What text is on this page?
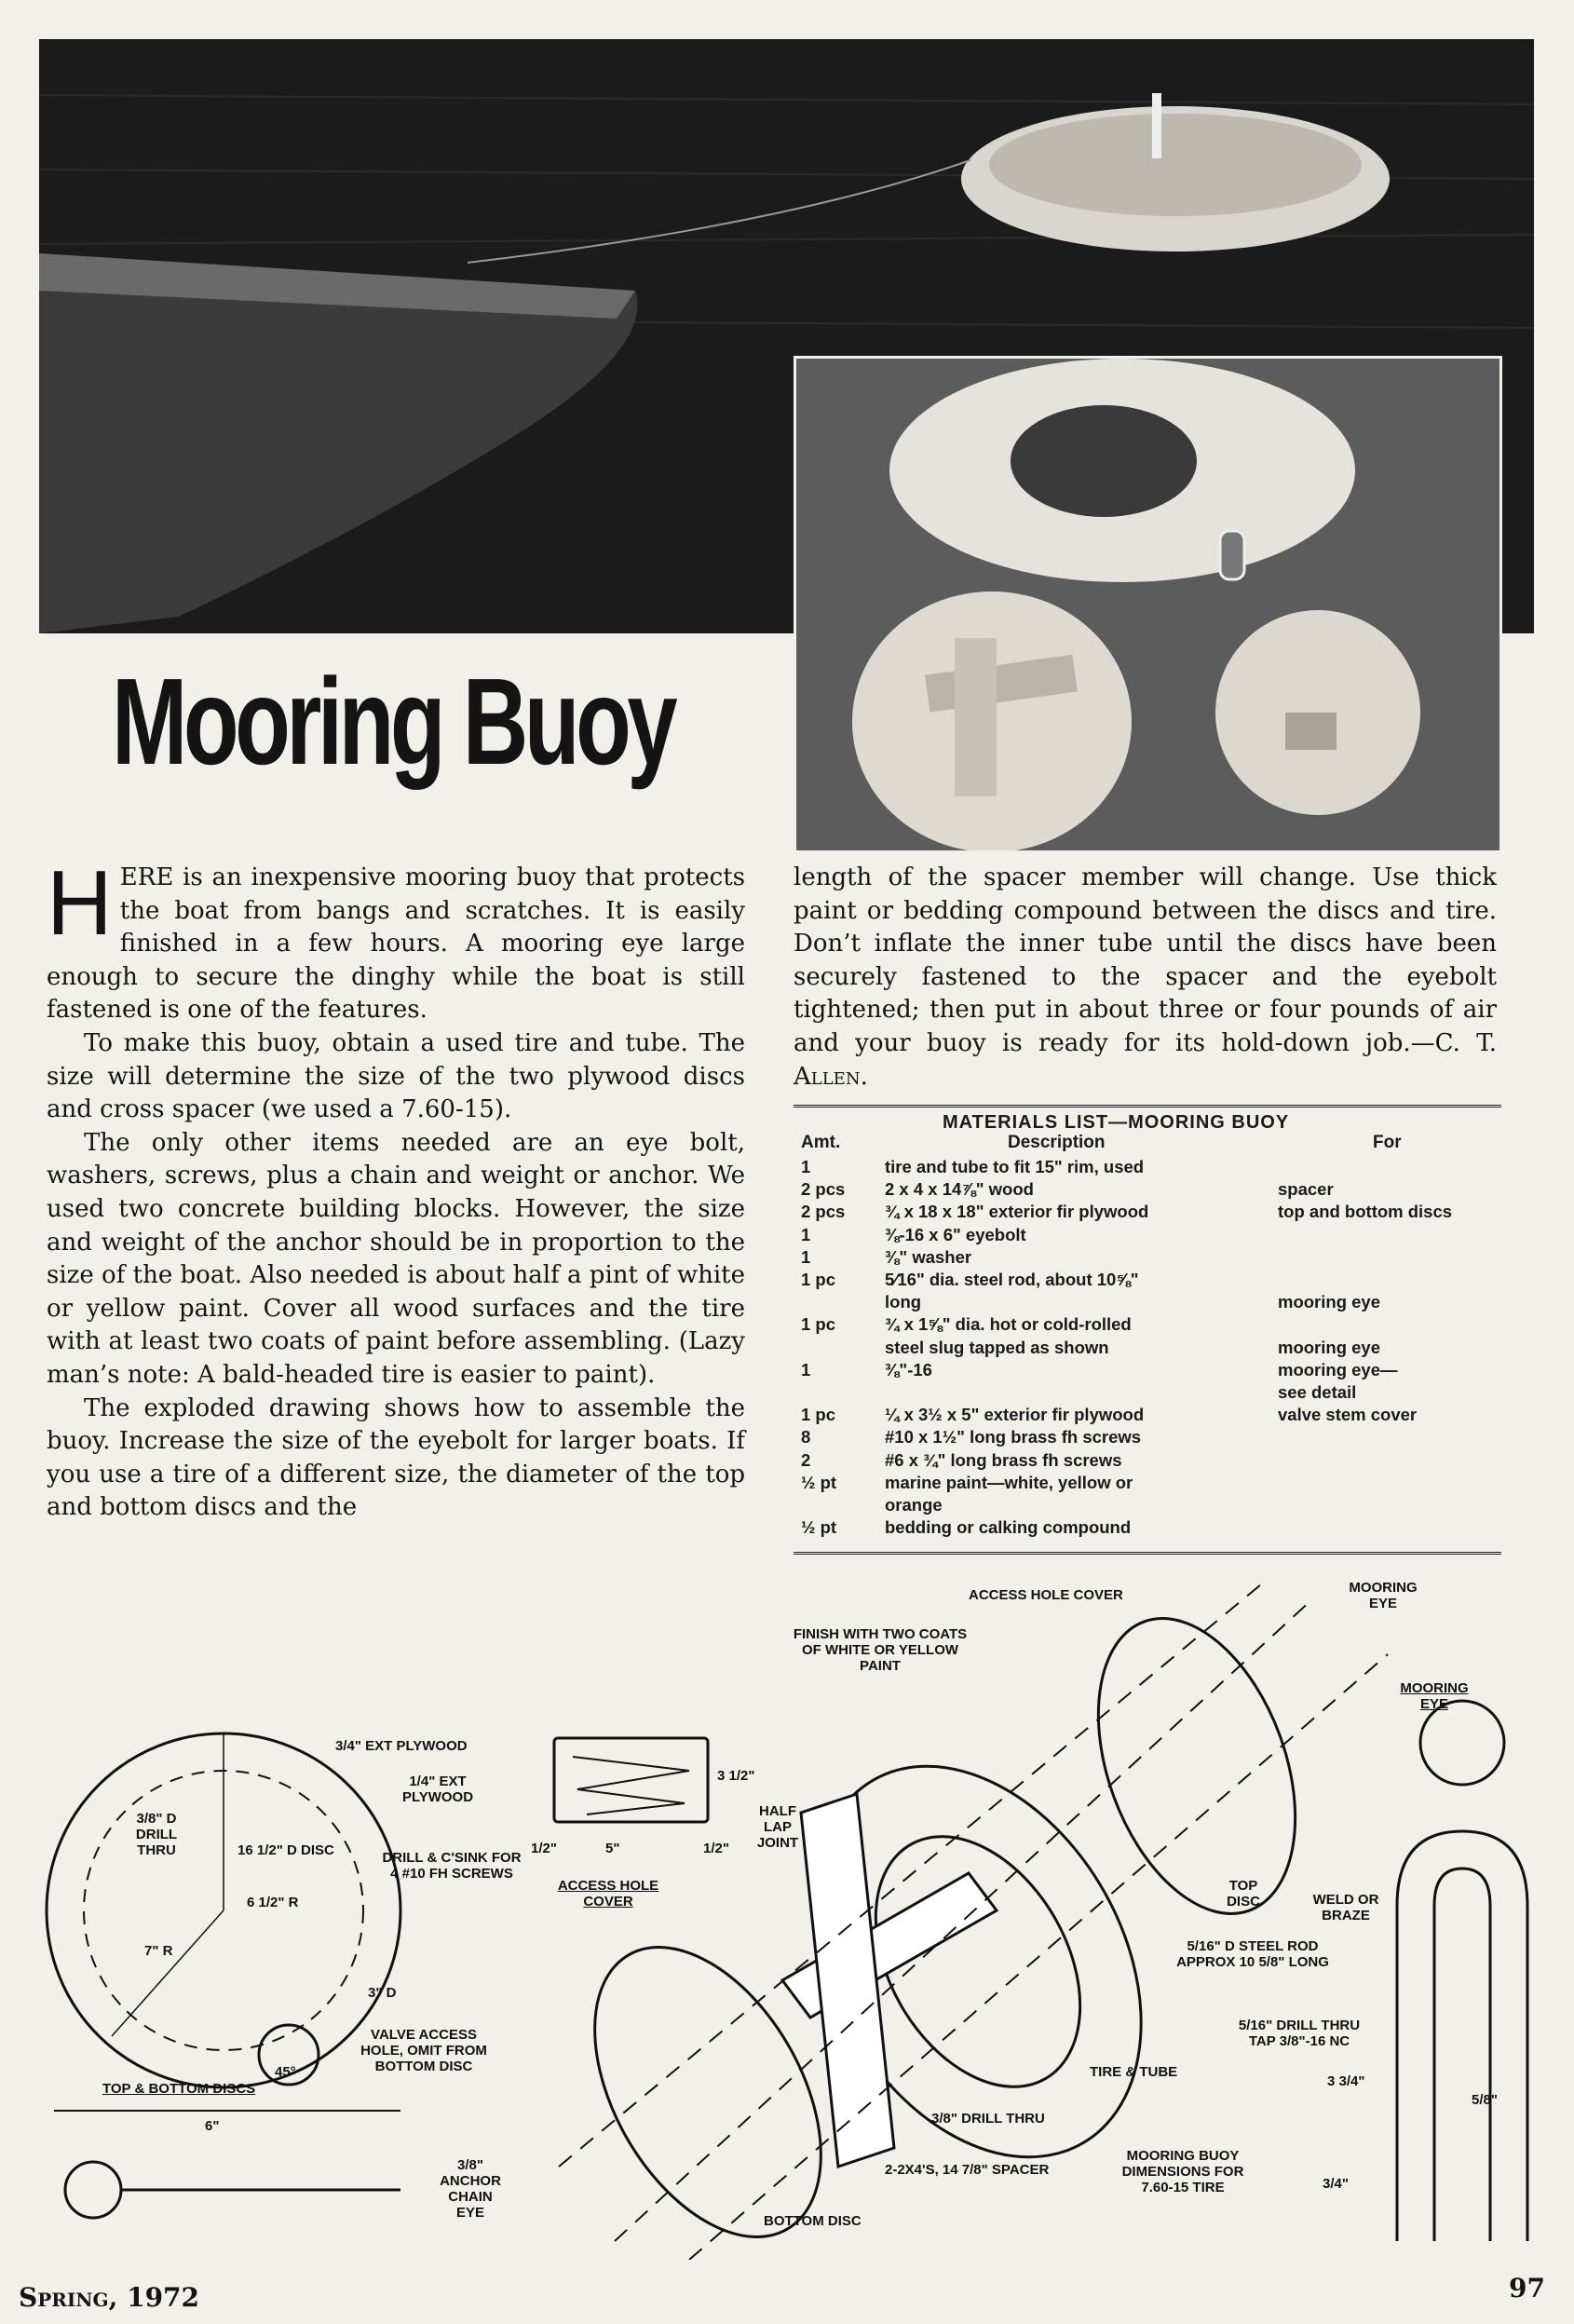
Mooring Buoy

HERE is an inexpensive mooring buoy that protects the boat from bangs and scratches. It is easily finished in a few hours. A mooring eye large enough to secure the dinghy while the boat is still fastened is one of the features.

To make this buoy, obtain a used tire and tube. The size will determine the size of the two plywood discs and cross spacer (we used a 7.60-15).

The only other items needed are an eye bolt, washers, screws, plus a chain and weight or anchor. We used two concrete building blocks. However, the size and weight of the anchor should be in proportion to the size of the boat. Also needed is about half a pint of white or yellow paint. Cover all wood surfaces and the tire with at least two coats of paint before assembling. (Lazy man’s note: A bald-headed tire is easier to paint).

The exploded drawing shows how to assemble the buoy. Increase the size of the eyebolt for larger boats. If you use a tire of a different size, the diameter of the top and bottom discs and the

length of the spacer member will change. Use thick paint or bedding compound between the discs and tire. Don’t inflate the inner tube until the discs have been securely fastened to the spacer and the eyebolt tightened; then put in about three or four pounds of air and your buoy is ready for its hold-down job.—C. T. Allen.

MATERIALS LIST—MOORING BUOY
Amt.	Description	For
1	tire and tube to fit 15" rim, used
2 pcs	2 x 4 x 14⅞" wood	spacer
2 pcs	¾ x 18 x 18" exterior fir plywood	top and bottom discs
1	⅜-16 x 6" eyebolt
1	⅜" washer
1 pc	5⁄16" dia. steel rod, about 10⅝"
long	mooring eye
1 pc	¾ x 1⅝" dia. hot or cold-rolled
steel slug tapped as shown	mooring eye
1	⅜"-16	mooring eye—
see detail
1 pc	¼ x 3½ x 5" exterior fir plywood	valve stem cover
8	#10 x 1½" long brass fh screws
2	#6 x ¾" long brass fh screws
½ pt	marine paint—white, yellow or
orange
½ pt	bedding or calking compound
ACCESS HOLE COVER	MOORING EYE
FINISH WITH TWO COATS OF WHITE OR YELLOW PAINT
3/4" EXT PLYWOOD
1/4" EXT PLYWOOD
3 1/2"
5"
1/2"	1/2"
ACCESS HOLE COVER
HALF LAP JOINT
3/8" D DRILL THRU	16 1/2" D DISC	DRILL & C'SINK FOR 4 #10 FH SCREWS
6 1/2" R
7" R
3" D
VALVE ACCESS HOLE, OMIT FROM BOTTOM DISC
45°
TOP & BOTTOM DISCS
TOP DISC	WELD OR BRAZE
MOORING EYE
5/16" D STEEL ROD APPROX 10 5/8" LONG
5/16" DRILL THRU TAP 3/8"-16 NC
TIRE & TUBE
6"
3/8" ANCHOR CHAIN EYE
3/8" DRILL THRU
2-2X4'S, 14 7/8" SPACER
MOORING BUOY DIMENSIONS FOR 7.60-15 TIRE
BOTTOM DISC
3 3/4"
5/8"
3/4"
Spring, 1972	97
